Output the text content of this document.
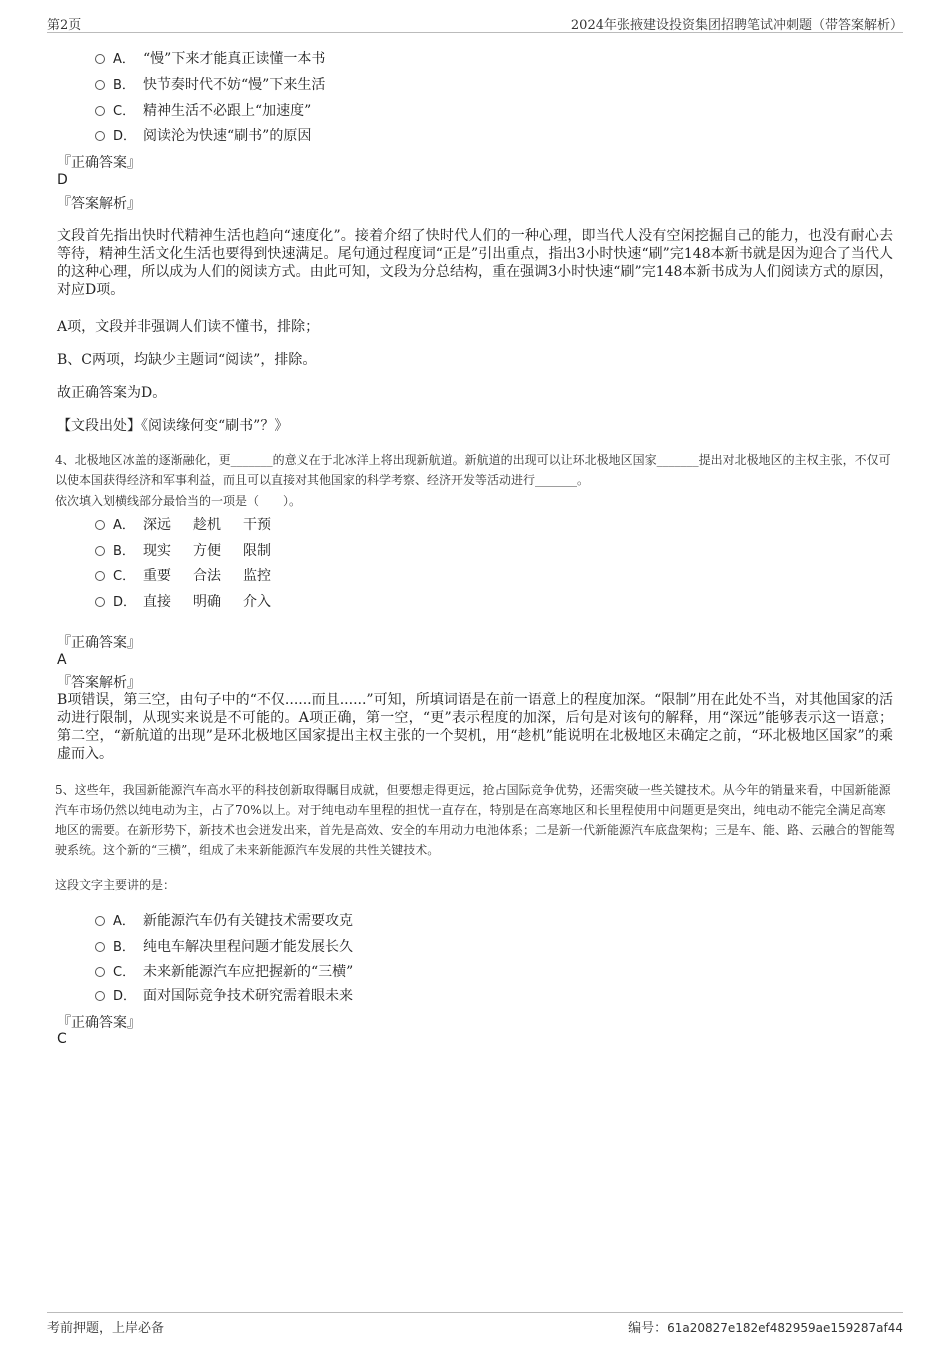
第2页	2024年张掖建设投资集团招聘笔试冲刺题（带答案解析）
A． “慢”下来才能真正读懂一本书
B． 快节奏时代不妨“慢”下来生活
C． 精神生活不必跟上“加速度”
D． 阅读沦为快速“刷书”的原因
『正确答案』
D
『答案解析』
文段首先指出快时代精神生活也趋向“速度化”。接着介绍了快时代人们的一种心理，即当代人没有空闲挖掘自己的能力，也没有耐心去等待，精神生活文化生活也要得到快速满足。尾句通过程度词“正是”引出重点，指出3小时快速“刷”完148本新书就是因为迎合了当代人的这种心理，所以成为人们的阅读方式。由此可知，文段为分总结构，重在强调3小时快速“刷”完148本新书成为人们阅读方式的原因，对应D项。
A项，文段并非强调人们读不懂书，排除；
B、C两项，均缺少主题词“阅读”，排除。
故正确答案为D。
【文段出处】《阅读缘何变“刷书”？》
4、北极地区冰盖的逐渐融化，更_______的意义在于北冰洋上将出现新航道。新航道的出现可以让环北极地区国家_______提出对北极地区的主权主张，不仅可以使本国获得经济和军事利益，而且可以直接对其他国家的科学考察、经济开发等活动进行_______。
依次填入划横线部分最恰当的一项是（　　）。
A． 深远 趁机 干预
B． 现实 方便 限制
C． 重要 合法 监控
D． 直接 明确 介入
『正确答案』
A
『答案解析』
B项错误，第三空，由句子中的“不仅......而且......”可知，所填词语是在前一语意上的程度加深。“限制”用在此处不当，对其他国家的活动进行限制，从现实来说是不可能的。A项正确，第一空，“更”表示程度的加深，后句是对该句的解释，用“深远”能够表示这一语意；第二空，“新航道的出现”是环北极地区国家提出主权主张的一个契机，用“趁机”能说明在北极地区未确定之前，“环北极地区国家”的乘虚而入。
5、这些年，我国新能源汽车高水平的科技创新取得瞩目成就，但要想走得更远，抢占国际竞争优势，还需突破一些关键技术。从今年的销量来看，中国新能源汽车市场仍然以纯电动为主，占了70%以上。对于纯电动车里程的担忧一直存在，特别是在高寒地区和长里程使用中问题更是突出，纯电动不能完全满足高寒地区的需要。在新形势下，新技术也会迸发出来，首先是高效、安全的车用动力电池体系；二是新一代新能源汽车底盘架构；三是车、能、路、云融合的智能驾驶系统。这个新的“三横”，组成了未来新能源汽车发展的共性关键技术。
这段文字主要讲的是：
A． 新能源汽车仍有关键技术需要攻克
B． 纯电车解决里程问题才能发展长久
C． 未来新能源汽车应把握新的“三横”
D． 面对国际竞争技术研究需着眼未来
『正确答案』
C
考前押题，上岸必备	编号：61a20827e182ef482959ae159287af44
